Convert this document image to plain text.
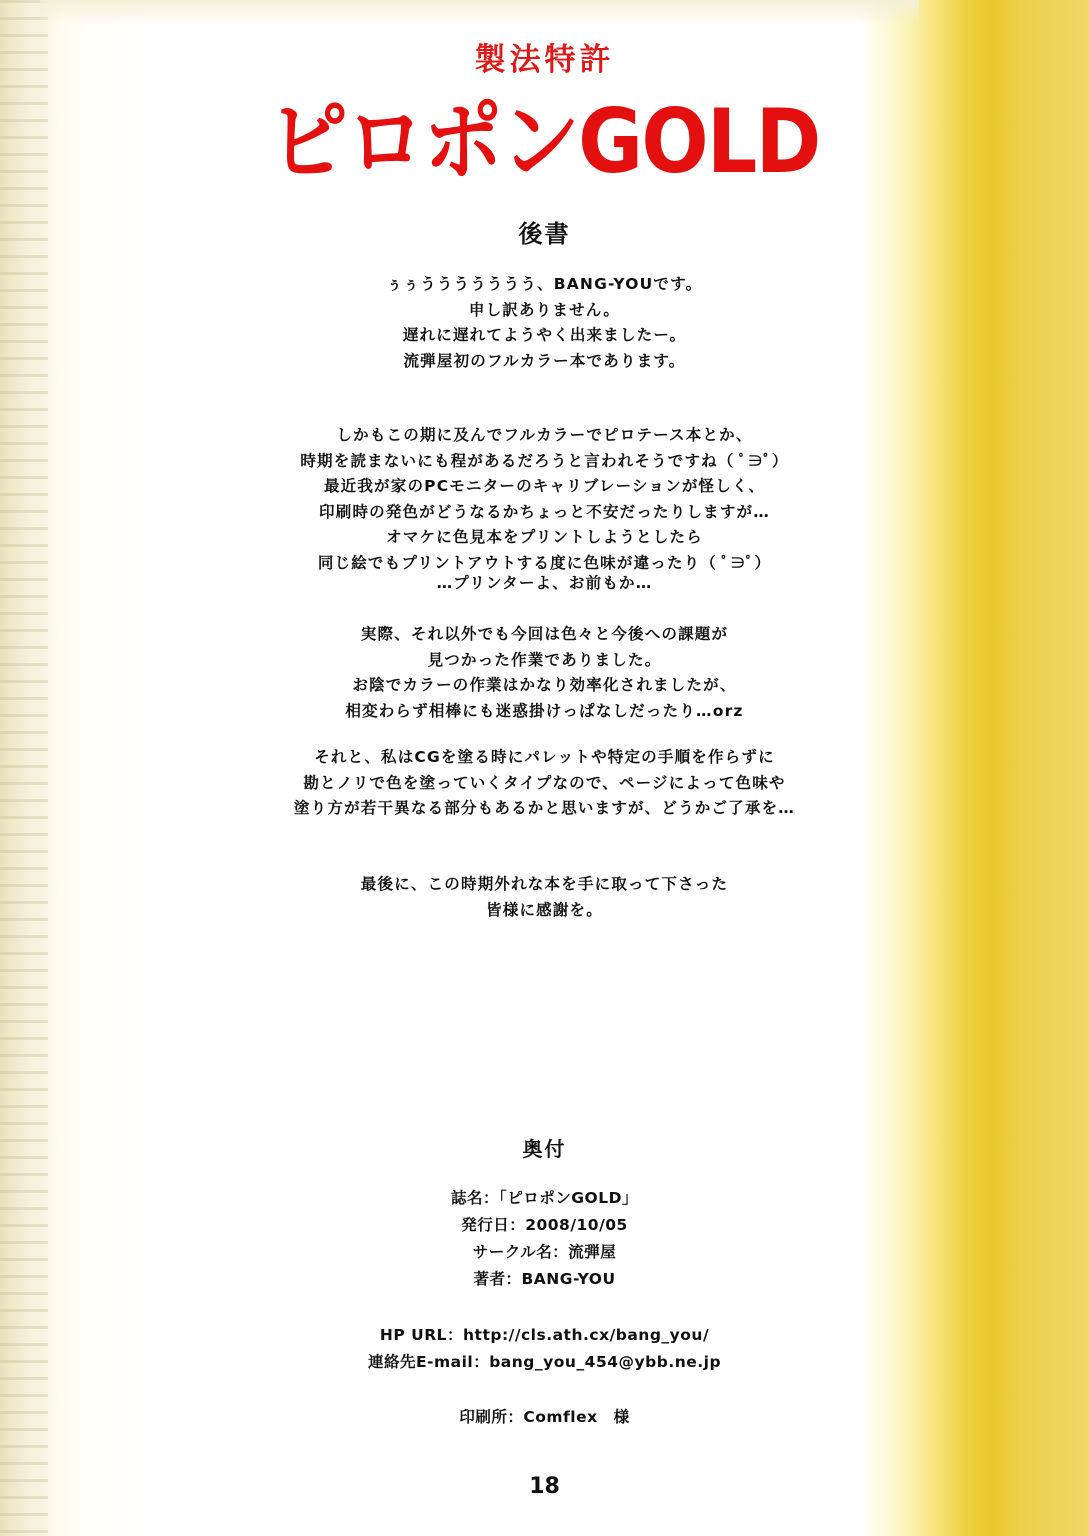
製法特許
ピロポンGOLD
後書
ぅぅううううううう、BANG-YOUです。
申し訳ありません。
遅れに遅れてようやく出来ましたー。
流弾屋初のフルカラー本であります。
しかもこの期に及んでフルカラーでピロテース本とか、
時期を読まないにも程があるだろうと言われそうですね（ ﾟ∋ﾟ）
最近我が家のPCモニターのキャリブレーションが怪しく、
印刷時の発色がどうなるかちょっと不安だったりしますが…
オマケに色見本をプリントしようとしたら
同じ絵でもプリントアウトする度に色味が違ったり（ ﾟ∋ﾟ）
…プリンターよ、お前もか…
実際、それ以外でも今回は色々と今後への課題が
見つかった作業でありました。
お陰でカラーの作業はかなり効率化されましたが、
相変わらず相棒にも迷惑掛けっぱなしだったり…orz
それと、私はCGを塗る時にパレットや特定の手順を作らずに
勘とノリで色を塗っていくタイプなので、ページによって色味や
塗り方が若干異なる部分もあるかと思いますが、どうかご了承を…
最後に、この時期外れな本を手に取って下さった
皆様に感謝を。
奥付
誌名：「ピロポンGOLD」
発行日：2008/10/05
サークル名：流弾屋
著者：BANG-YOU
HP URL：http://cls.ath.cx/bang_you/
連絡先E-mail：bang_you_454@ybb.ne.jp
印刷所：Comflex　様
18
